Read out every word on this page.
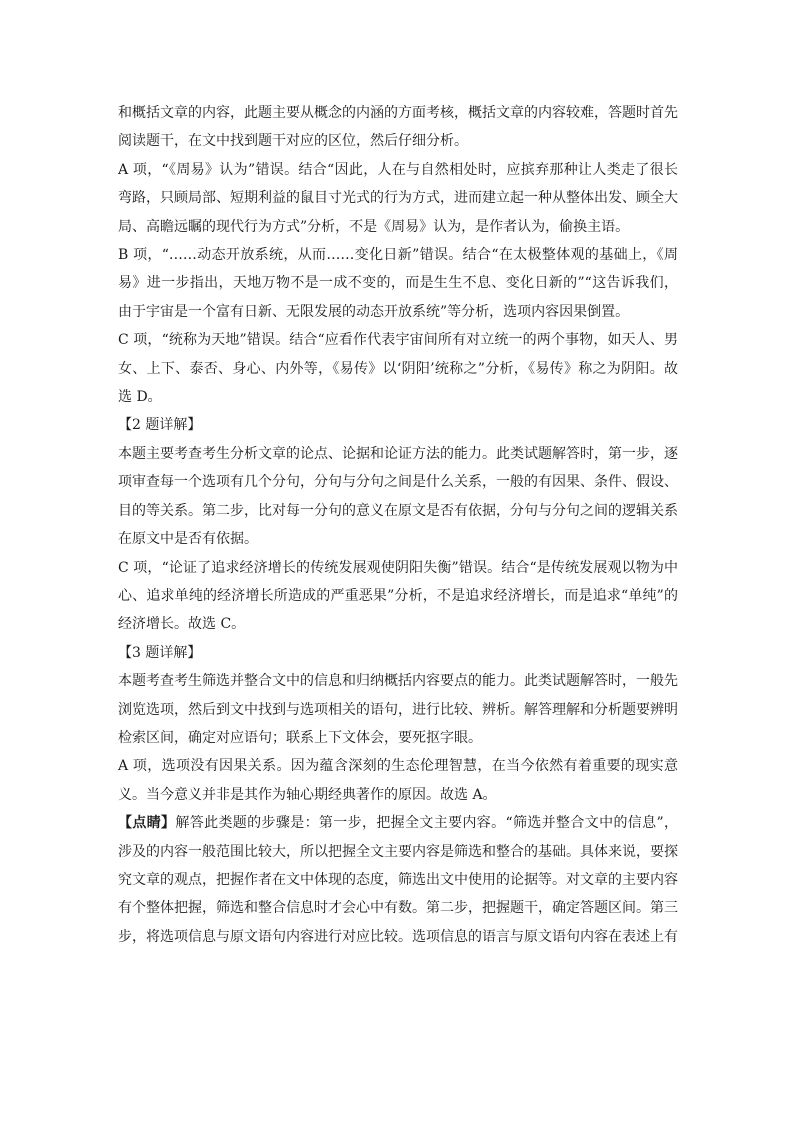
和概括文章的内容，此题主要从概念的内涵的方面考核，概括文章的内容较难，答题时首先阅读题干，在文中找到题干对应的区位，然后仔细分析。

A 项，“《周易》认为”错误。结合“因此，人在与自然相处时，应摈弃那种让人类走了很长弯路，只顾局部、短期利益的鼠目寸光式的行为方式，进而建立起一种从整体出发、顾全大局、高瞻远瞩的现代行为方式”分析，不是《周易》认为，是作者认为，偷换主语。

B 项，“……动态开放系统，从而……变化日新”错误。结合“在太极整体观的基础上，《周易》进一步指出，天地万物不是一成不变的，而是生生不息、变化日新的”“这告诉我们，由于宇宙是一个富有日新、无限发展的动态开放系统”等分析，选项内容因果倒置。

C 项，“统称为天地”错误。结合“应看作代表宇宙间所有对立统一的两个事物，如天人、男女、上下、泰否、身心、内外等，《易传》以‘阴阳’统称之”分析，《易传》称之为阴阳。故选 D。

【2 题详解】

本题主要考查考生分析文章的论点、论据和论证方法的能力。此类试题解答时，第一步，逐项审查每一个选项有几个分句，分句与分句之间是什么关系，一般的有因果、条件、假设、目的等关系。第二步，比对每一分句的意义在原文是否有依据，分句与分句之间的逻辑关系在原文中是否有依据。

C 项，“论证了追求经济增长的传统发展观使阴阳失衡”错误。结合“是传统发展观以物为中心、追求单纯的经济增长所造成的严重恶果”分析，不是追求经济增长，而是追求“单纯”的经济增长。故选 C。

【3 题详解】

本题考查考生筛选并整合文中的信息和归纳概括内容要点的能力。此类试题解答时，一般先浏览选项，然后到文中找到与选项相关的语句，进行比较、辨析。解答理解和分析题要辨明检索区间，确定对应语句；联系上下文体会，要死抠字眼。

A 项，选项没有因果关系。因为蕴含深刻的生态伦理智慧，在当今依然有着重要的现实意义。当今意义并非是其作为轴心期经典著作的原因。故选 A。

【点睛】解答此类题的步骤是：第一步，把握全文主要内容。“筛选并整合文中的信息”，涉及的内容一般范围比较大，所以把握全文主要内容是筛选和整合的基础。具体来说，要探究文章的观点，把握作者在文中体现的态度，筛选出文中使用的论据等。对文章的主要内容有个整体把握，筛选和整合信息时才会心中有数。第二步，把握题干，确定答题区间。第三步，将选项信息与原文语句内容进行对应比较。选项信息的语言与原文语句内容在表述上有
